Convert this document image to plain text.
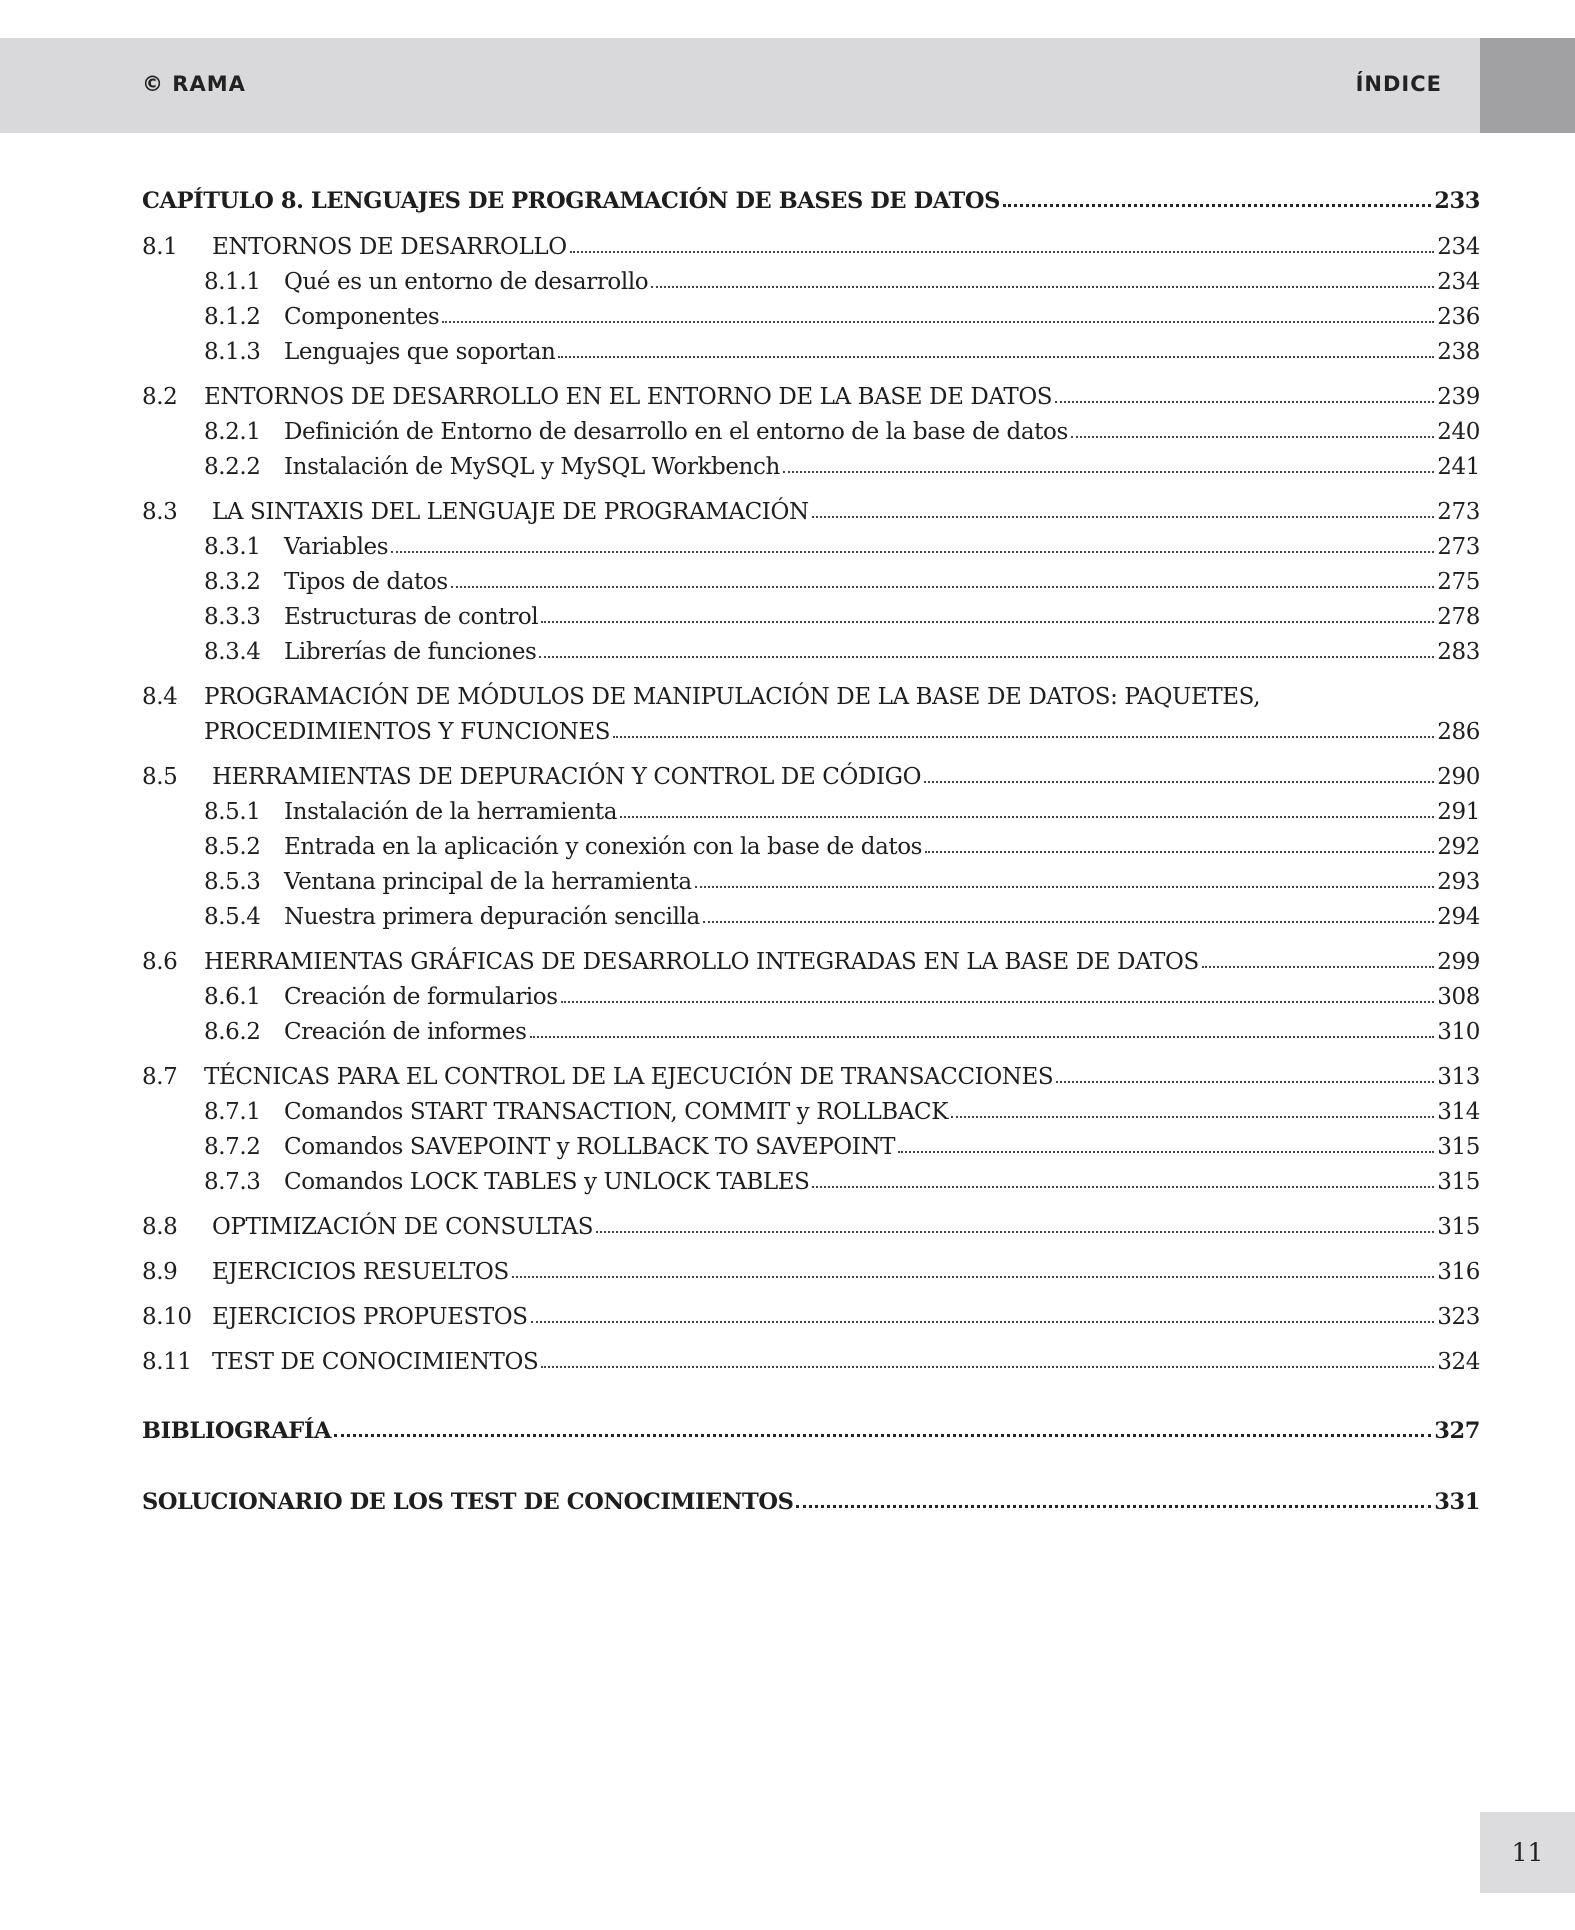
© RAMA	ÍNDICE
CAPÍTULO 8. LENGUAJES DE PROGRAMACIÓN DE BASES DE DATOS	233
8.1	ENTORNOS DE DESARROLLO	234
8.1.1	Qué es un entorno de desarrollo	234
8.1.2	Componentes	236
8.1.3	Lenguajes que soportan	238
8.2	ENTORNOS DE DESARROLLO EN EL ENTORNO DE LA BASE DE DATOS	239
8.2.1	Definición de Entorno de desarrollo en el entorno de la base de datos	240
8.2.2	Instalación de MySQL y MySQL Workbench	241
8.3	LA SINTAXIS DEL LENGUAJE DE PROGRAMACIÓN	273
8.3.1	Variables	273
8.3.2	Tipos de datos	275
8.3.3	Estructuras de control	278
8.3.4	Librerías de funciones	283
8.4	PROGRAMACIÓN DE MÓDULOS DE MANIPULACIÓN DE LA BASE DE DATOS: PAQUETES,
PROCEDIMIENTOS Y FUNCIONES	286
8.5	HERRAMIENTAS DE DEPURACIÓN Y CONTROL DE CÓDIGO	290
8.5.1	Instalación de la herramienta	291
8.5.2	Entrada en la aplicación y conexión con la base de datos	292
8.5.3	Ventana principal de la herramienta	293
8.5.4	Nuestra primera depuración sencilla	294
8.6	HERRAMIENTAS GRÁFICAS DE DESARROLLO INTEGRADAS EN LA BASE DE DATOS	299
8.6.1	Creación de formularios	308
8.6.2	Creación de informes	310
8.7	TÉCNICAS PARA EL CONTROL DE LA EJECUCIÓN DE TRANSACCIONES	313
8.7.1	Comandos START TRANSACTION, COMMIT y ROLLBACK	314
8.7.2	Comandos SAVEPOINT y ROLLBACK TO SAVEPOINT	315
8.7.3	Comandos LOCK TABLES y UNLOCK TABLES	315
8.8	OPTIMIZACIÓN DE CONSULTAS	315
8.9	EJERCICIOS RESUELTOS	316
8.10 EJERCICIOS PROPUESTOS	323
8.11 TEST DE CONOCIMIENTOS	324
BIBLIOGRAFÍA	327
SOLUCIONARIO DE LOS TEST DE CONOCIMIENTOS	331
11
